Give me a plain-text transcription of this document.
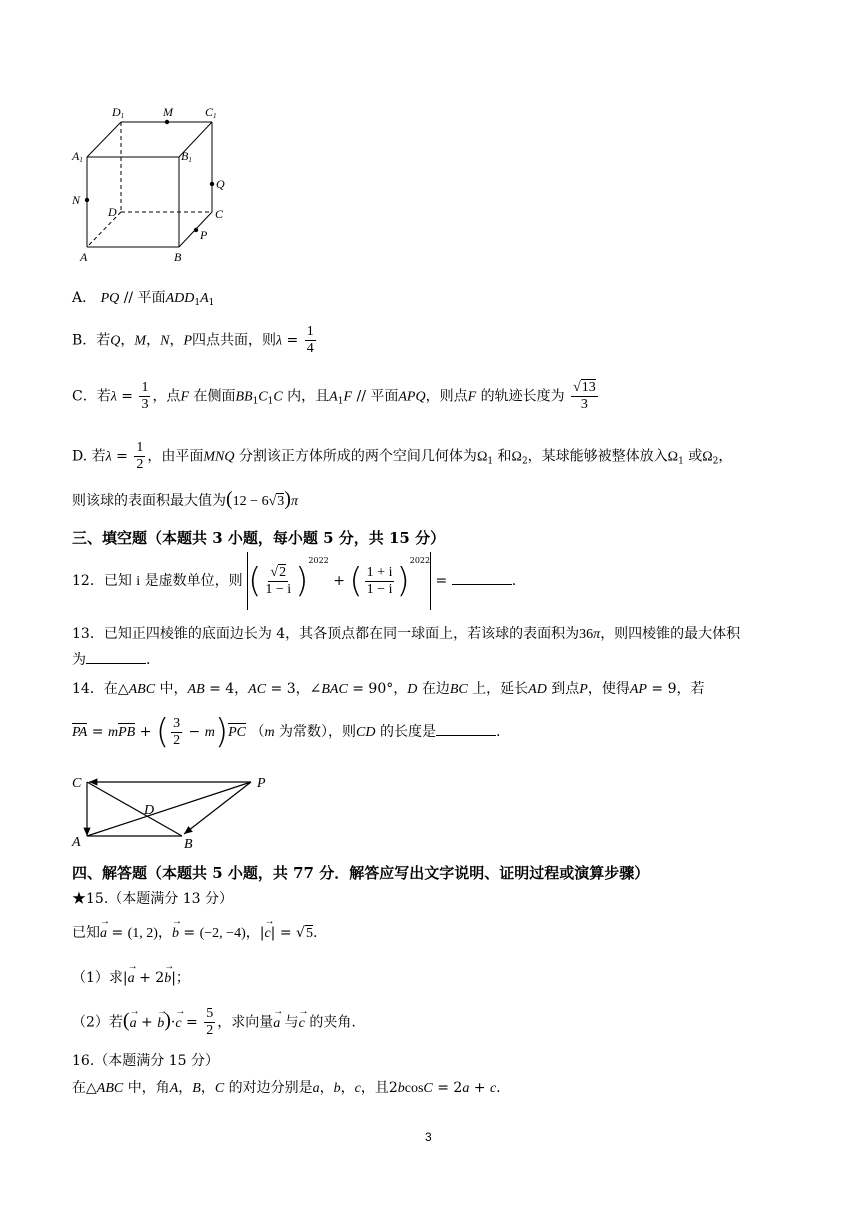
D1	M	C1
A1	B1
N
Q
D	C
P
A	B
A． PQ // 平面$ADD_1A_1$
B．若Q，M，N，P四点共面，则$\lambda = \frac{1}{4}$
C．若$\lambda = \frac{1}{3}$ ，点F 在侧面$BB_1C_1C$ 内，且$A_1F$ // 平面APQ，则点F 的轨迹长度为 $\frac{√13}{3}$
D. 若$\lambda = \frac{1}{2}$ ，由平面MNQ 分割该正方体所成的两个空间几何体为$\Omega_1$ 和$\Omega_2$，某球能够被整体放入$\Omega_1$ 或$\Omega_2$，
则该球的表面积最大值为(12 − 6√3)π
三、填空题（本题共 3 小题，每小题 5 分，共 15 分）
12．已知 i 是虚数单位，则 ( $\frac{√2}{1 - i} )^{2022}$ + ( $\frac{1 + i}{1 - i} )^{2022}$ =	.
13．已知正四棱锥的底面边长为 4，其各顶点都在同一球面上，若该球的表面积为36π，则四棱锥的最大体积
为	.
14．在△ABC 中，AB = 4，AC = 3，∠BAC = 90°，D 在边BC 上，延长AD 到点P，使得AP = 9，若
PA = mPB + ( $\frac{3}{2} - m)PC$ （m 为常数），则CD 的长度是	.
C	P
D
A	B
四、解答题（本题共 5 小题，共 77 分．解答应写出文字说明、证明过程或演算步骤）
★15.（本题满分 13 分）
已知→ a = (1, 2)，→ b = (−2, −4)，|→ c| = √5.
（1）求|→ a + 2→ b|；
（2）若(→ a + → $b)\cdot\to c = \frac{5}{2}$ ，求向量→ a 与→ c 的夹角.
16.（本题满分 15 分）
在△ABC 中，角A，B，C 的对边分别是a，b，c，且2bcosC = 2a + c.
3
